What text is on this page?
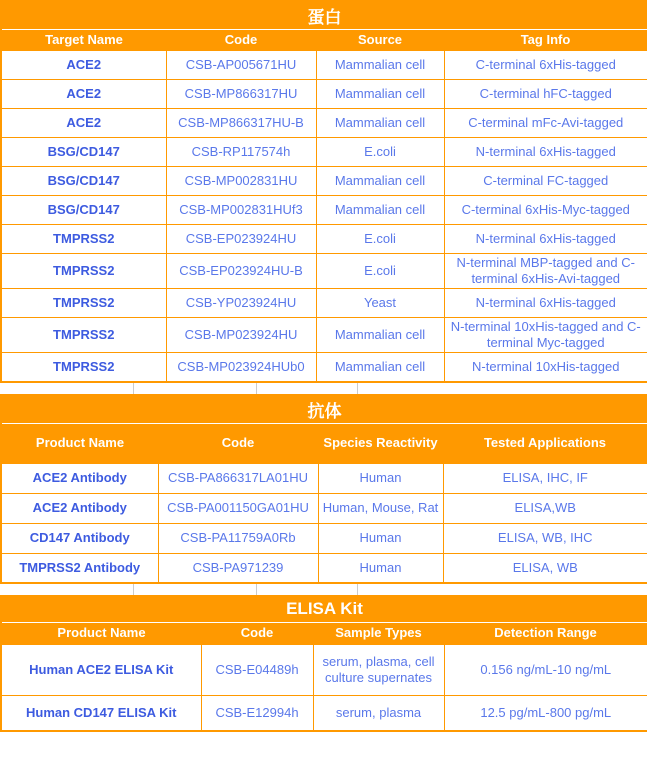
蛋白			
Target Name	Code	Source	Tag Info
ACE2	CSB-AP005671HU	Mammalian cell	C-terminal 6xHis-tagged
ACE2	CSB-MP866317HU	Mammalian cell	C-terminal hFC-tagged
ACE2	CSB-MP866317HU-B	Mammalian cell	C-terminal mFc-Avi-tagged
BSG/CD147	CSB-RP117574h	E.coli	N-terminal 6xHis-tagged
BSG/CD147	CSB-MP002831HU	Mammalian cell	C-terminal FC-tagged
BSG/CD147	CSB-MP002831HUf3	Mammalian cell	C-terminal 6xHis-Myc-tagged
TMPRSS2	CSB-EP023924HU	E.coli	N-terminal 6xHis-tagged
TMPRSS2	CSB-EP023924HU-B	E.coli	N-terminal MBP-tagged and C-terminal 6xHis-Avi-tagged
TMPRSS2	CSB-YP023924HU	Yeast	N-terminal 6xHis-tagged
TMPRSS2	CSB-MP023924HU	Mammalian cell	N-terminal 10xHis-tagged and C-terminal Myc-tagged
TMPRSS2	CSB-MP023924HUb0	Mammalian cell	N-terminal 10xHis-tagged
抗体			
Product Name	Code	Species Reactivity	Tested Applications
ACE2 Antibody	CSB-PA866317LA01HU	Human	ELISA, IHC, IF
ACE2 Antibody	CSB-PA001150GA01HU	Human, Mouse, Rat	ELISA,WB
CD147 Antibody	CSB-PA11759A0Rb	Human	ELISA, WB, IHC
TMPRSS2 Antibody	CSB-PA971239	Human	ELISA, WB
ELISA Kit			
Product Name	Code	Sample Types	Detection Range
Human ACE2 ELISA Kit	CSB-E04489h	serum, plasma, cell culture supernates	0.156 ng/mL-10 ng/mL
Human CD147 ELISA Kit	CSB-E12994h	serum, plasma	12.5 pg/mL-800 pg/mL
